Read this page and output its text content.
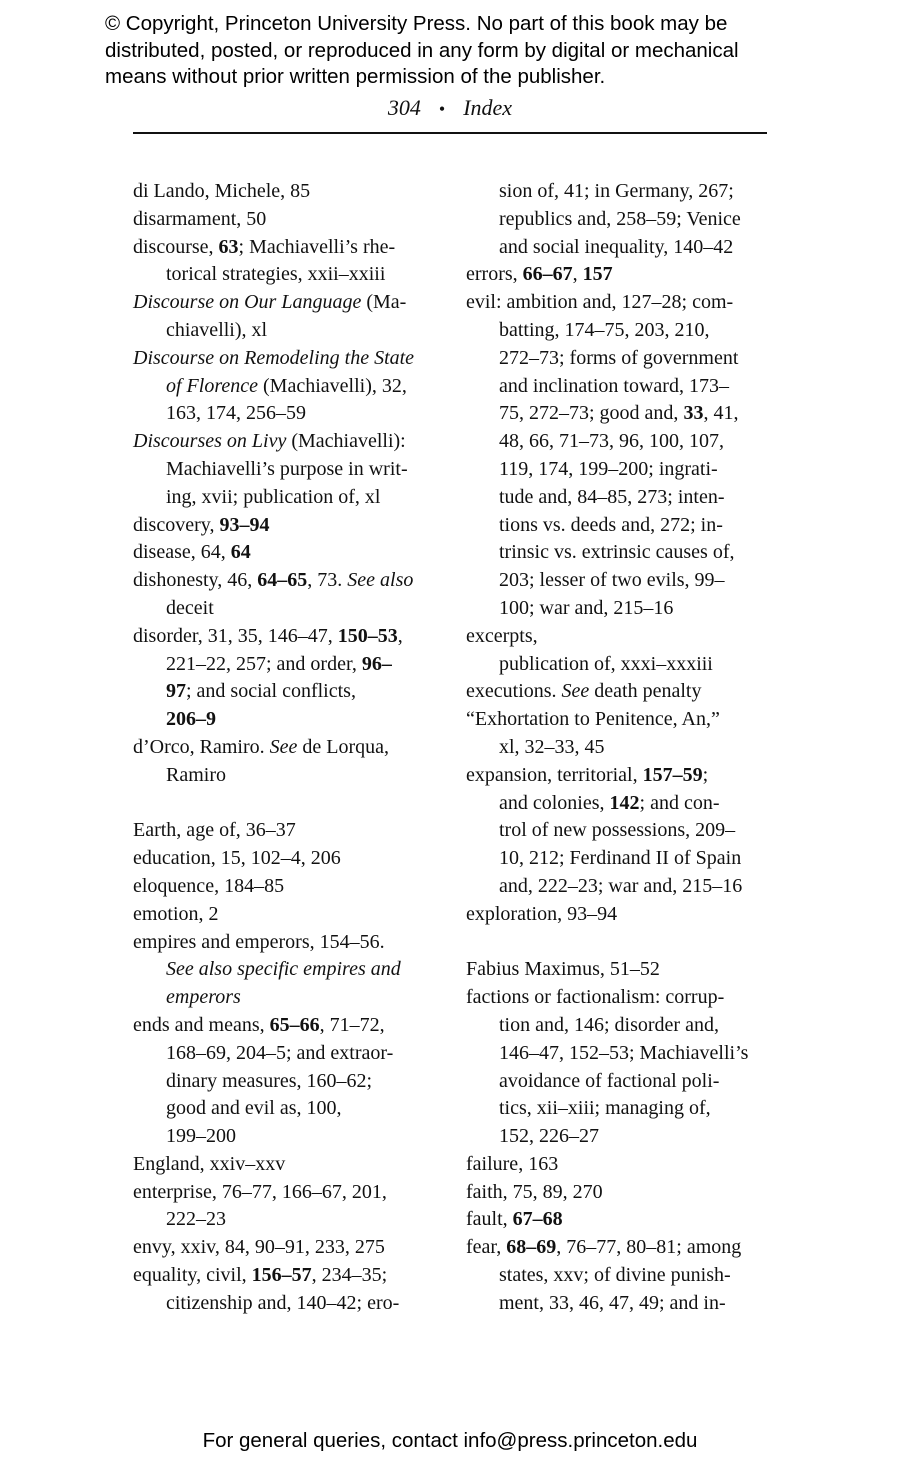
© Copyright, Princeton University Press. No part of this book may be
distributed, posted, or reproduced in any form by digital or mechanical
means without prior written permission of the publisher.
304 • Index
di Lando, Michele, 85
disarmament, 50
discourse, 63; Machiavelli’s rhe-
torical strategies, xxii–xxiii
Discourse on Our Language (Ma-
chiavelli), xl
Discourse on Remodeling the State
of Florence (Machiavelli), 32,
163, 174, 256–59
Discourses on Livy (Machiavelli):
Machiavelli’s purpose in writ-
ing, xvii; publication of, xl
discovery, 93–94
disease, 64, 64
dishonesty, 46, 64–65, 73. See also
deceit
disorder, 31, 35, 146–47, 150–53,
221–22, 257; and order, 96–
97; and social conflicts,
206–9
d’Orco, Ramiro. See de Lorqua,
Ramiro
Earth, age of, 36–37
education, 15, 102–4, 206
eloquence, 184–85
emotion, 2
empires and emperors, 154–56.
See also specific empires and
emperors
ends and means, 65–66, 71–72,
168–69, 204–5; and extraor-
dinary measures, 160–62;
good and evil as, 100,
199–200
England, xxiv–xxv
enterprise, 76–77, 166–67, 201,
222–23
envy, xxiv, 84, 90–91, 233, 275
equality, civil, 156–57, 234–35;
citizenship and, 140–42; ero-
sion of, 41; in Germany, 267;
republics and, 258–59; Venice
and social inequality, 140–42
errors, 66–67, 157
evil: ambition and, 127–28; com-
batting, 174–75, 203, 210,
272–73; forms of government
and inclination toward, 173–
75, 272–73; good and, 33, 41,
48, 66, 71–73, 96, 100, 107,
119, 174, 199–200; ingrati-
tude and, 84–85, 273; inten-
tions vs. deeds and, 272; in-
trinsic vs. extrinsic causes of,
203; lesser of two evils, 99–
100; war and, 215–16
excerpts,
publication of, xxxi–xxxiii
executions. See death penalty
“Exhortation to Penitence, An,”
xl, 32–33, 45
expansion, territorial, 157–59;
and colonies, 142; and con-
trol of new possessions, 209–
10, 212; Ferdinand II of Spain
and, 222–23; war and, 215–16
exploration, 93–94
Fabius Maximus, 51–52
factions or factionalism: corrup-
tion and, 146; disorder and,
146–47, 152–53; Machiavelli’s
avoidance of factional poli-
tics, xii–xiii; managing of,
152, 226–27
failure, 163
faith, 75, 89, 270
fault, 67–68
fear, 68–69, 76–77, 80–81; among
states, xxv; of divine punish-
ment, 33, 46, 47, 49; and in-
For general queries, contact info@press.princeton.edu
